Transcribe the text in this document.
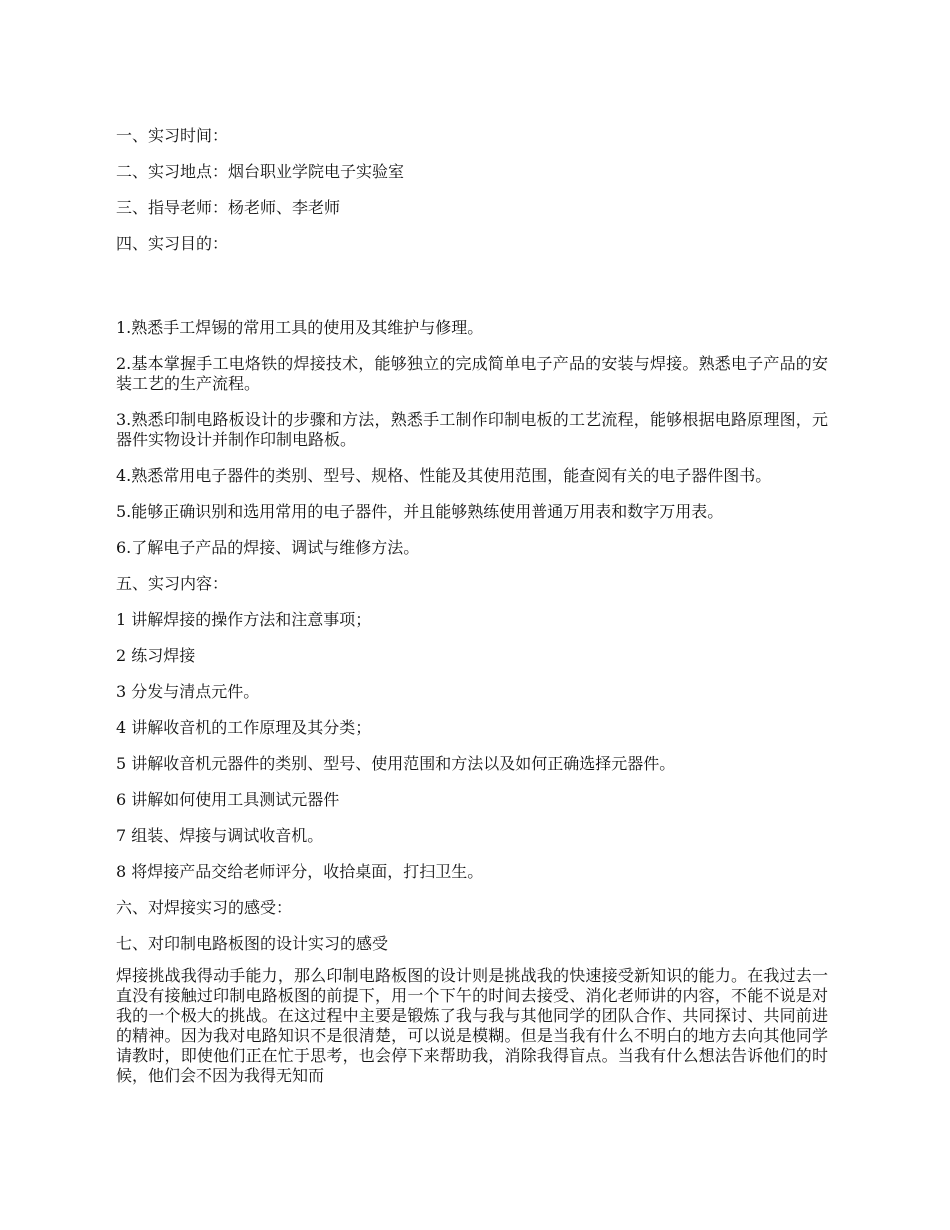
一、实习时间：
二、实习地点：烟台职业学院电子实验室
三、指导老师：杨老师、李老师
四、实习目的：
1.熟悉手工焊锡的常用工具的使用及其维护与修理。
2.基本掌握手工电烙铁的焊接技术，能够独立的完成简单电子产品的安装与焊接。熟悉电子产品的安装工艺的生产流程。
3.熟悉印制电路板设计的步骤和方法，熟悉手工制作印制电板的工艺流程，能够根据电路原理图，元器件实物设计并制作印制电路板。
4.熟悉常用电子器件的类别、型号、规格、性能及其使用范围，能查阅有关的电子器件图书。
5.能够正确识别和选用常用的电子器件，并且能够熟练使用普通万用表和数字万用表。
6.了解电子产品的焊接、调试与维修方法。
五、实习内容：
1 讲解焊接的操作方法和注意事项；
2 练习焊接
3 分发与清点元件。
4 讲解收音机的工作原理及其分类；
5 讲解收音机元器件的类别、型号、使用范围和方法以及如何正确选择元器件。
6 讲解如何使用工具测试元器件
7 组装、焊接与调试收音机。
8 将焊接产品交给老师评分，收拾桌面，打扫卫生。
六、对焊接实习的感受：
七、对印制电路板图的设计实习的感受
焊接挑战我得动手能力，那么印制电路板图的设计则是挑战我的快速接受新知识的能力。在我过去一直没有接触过印制电路板图的前提下，用一个下午的时间去接受、消化老师讲的内容，不能不说是对我的一个极大的挑战。在这过程中主要是锻炼了我与我与其他同学的团队合作、共同探讨、共同前进的精神。因为我对电路知识不是很清楚，可以说是模糊。但是当我有什么不明白的地方去向其他同学请教时，即使他们正在忙于思考，也会停下来帮助我，消除我得盲点。当我有什么想法告诉他们的时候，他们会不因为我得无知而
